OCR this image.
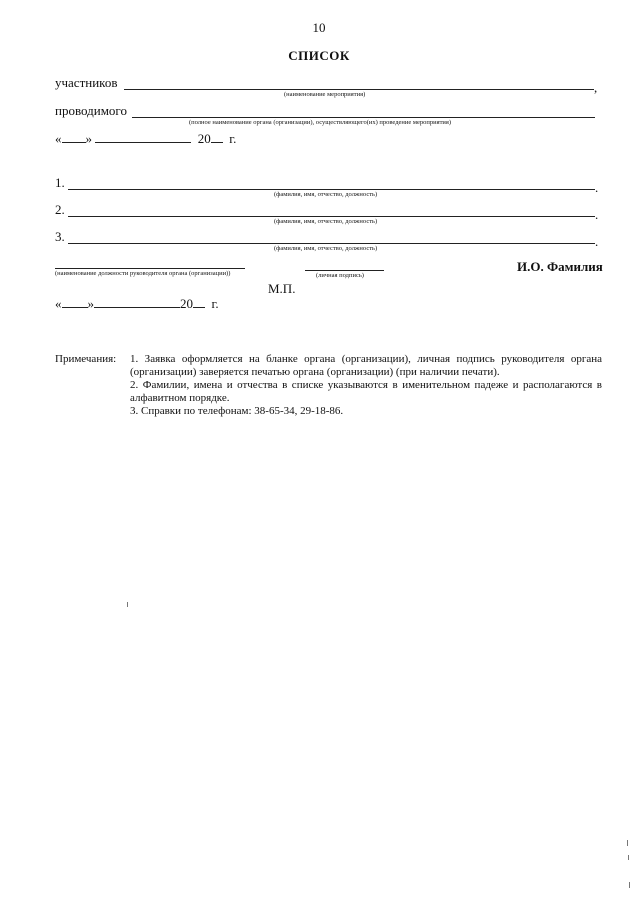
10
СПИСОК
участников	,
(наименование мероприятия)
проводимого
(полное наименование органа (организации), осуществляющего(их) проведение мероприятия)
« »	20 г.
1.	.
(фамилия, имя, отчество, должность)
2.	.
(фамилия, имя, отчество, должность)
3.	.
(фамилия, имя, отчество, должность)
(наименование должности руководителя органа (организации))	(личная подпись)
И.О. Фамилия
М.П.
« »	20 г.
Примечания: 1. Заявка оформляется на бланке органа (организации), личная подпись руководителя органа (организации) заверяется печатью органа (организации) (при наличии печати).
2. Фамилии, имена и отчества в списке указываются в именительном падеже и располагаются в алфавитном порядке.
3. Справки по телефонам: 38-65-34, 29-18-86.
